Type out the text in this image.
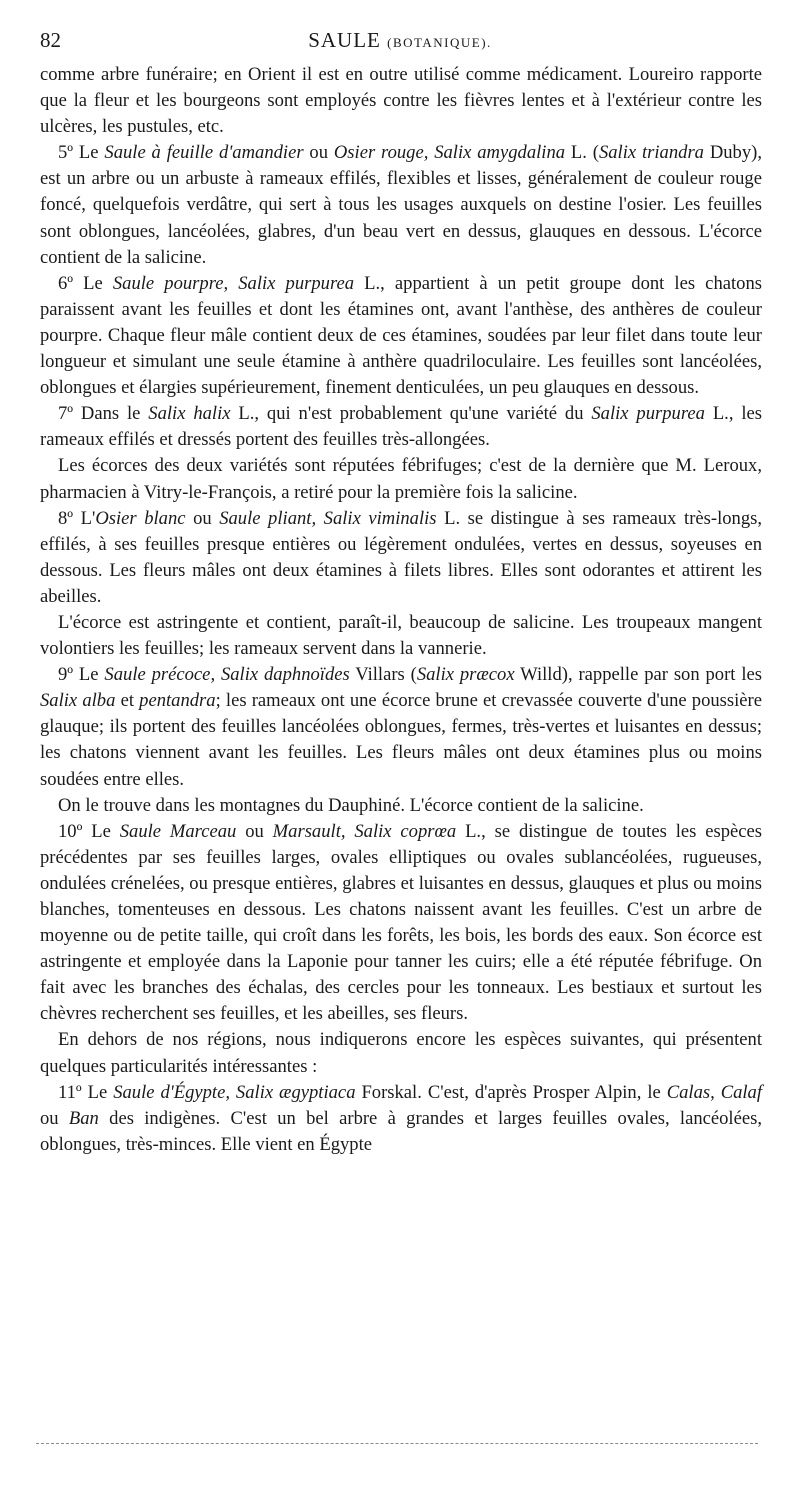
82	SAULE (BOTANIQUE).

comme arbre funéraire; en Orient il est en outre utilisé comme médicament. Loureiro rapporte que la fleur et les bourgeons sont employés contre les fièvres lentes et à l'extérieur contre les ulcères, les pustules, etc.

5º Le Saule à feuille d'amandier ou Osier rouge, Salix amygdalina L. (Salix triandra Duby), est un arbre ou un arbuste à rameaux effilés, flexibles et lisses, généralement de couleur rouge foncé, quelquefois verdâtre, qui sert à tous les usages auxquels on destine l'osier. Les feuilles sont oblongues, lancéolées, glabres, d'un beau vert en dessus, glauques en dessous. L'écorce contient de la salicine.

6º Le Saule pourpre, Salix purpurea L., appartient à un petit groupe dont les chatons paraissent avant les feuilles et dont les étamines ont, avant l'anthèse, des anthères de couleur pourpre. Chaque fleur mâle contient deux de ces étamines, soudées par leur filet dans toute leur longueur et simulant une seule étamine à anthère quadriloculaire. Les feuilles sont lancéolées, oblongues et élargies supérieurement, finement denticulées, un peu glauques en dessous.

7º Dans le Salix halix L., qui n'est probablement qu'une variété du Salix purpurea L., les rameaux effilés et dressés portent des feuilles très-allongées.

Les écorces des deux variétés sont réputées fébrifuges; c'est de la dernière que M. Leroux, pharmacien à Vitry-le-François, a retiré pour la première fois la salicine.

8º L'Osier blanc ou Saule pliant, Salix viminalis L. se distingue à ses rameaux très-longs, effilés, à ses feuilles presque entières ou légèrement ondulées, vertes en dessus, soyeuses en dessous. Les fleurs mâles ont deux étamines à filets libres. Elles sont odorantes et attirent les abeilles.

L'écorce est astringente et contient, paraît-il, beaucoup de salicine. Les troupeaux mangent volontiers les feuilles; les rameaux servent dans la vannerie.

9º Le Saule précoce, Salix daphnoïdes Villars (Salix præcox Willd), rappelle par son port les Salix alba et pentandra; les rameaux ont une écorce brune et crevassée couverte d'une poussière glauque; ils portent des feuilles lancéolées oblongues, fermes, très-vertes et luisantes en dessus; les chatons viennent avant les feuilles. Les fleurs mâles ont deux étamines plus ou moins soudées entre elles.

On le trouve dans les montagnes du Dauphiné. L'écorce contient de la salicine.

10º Le Saule Marceau ou Marsault, Salix coprœa L., se distingue de toutes les espèces précédentes par ses feuilles larges, ovales elliptiques ou ovales sublancéolées, rugueuses, ondulées crénelées, ou presque entières, glabres et luisantes en dessus, glauques et plus ou moins blanches, tomenteuses en dessous. Les chatons naissent avant les feuilles. C'est un arbre de moyenne ou de petite taille, qui croît dans les forêts, les bois, les bords des eaux. Son écorce est astringente et employée dans la Laponie pour tanner les cuirs; elle a été réputée fébrifuge. On fait avec les branches des échalas, des cercles pour les tonneaux. Les bestiaux et surtout les chèvres recherchent ses feuilles, et les abeilles, ses fleurs.

En dehors de nos régions, nous indiquerons encore les espèces suivantes, qui présentent quelques particularités intéressantes :

11º Le Saule d'Égypte, Salix ægyptiaca Forskal. C'est, d'après Prosper Alpin, le Calas, Calaf ou Ban des indigènes. C'est un bel arbre à grandes et larges feuilles ovales, lancéolées, oblongues, très-minces. Elle vient en Égypte
